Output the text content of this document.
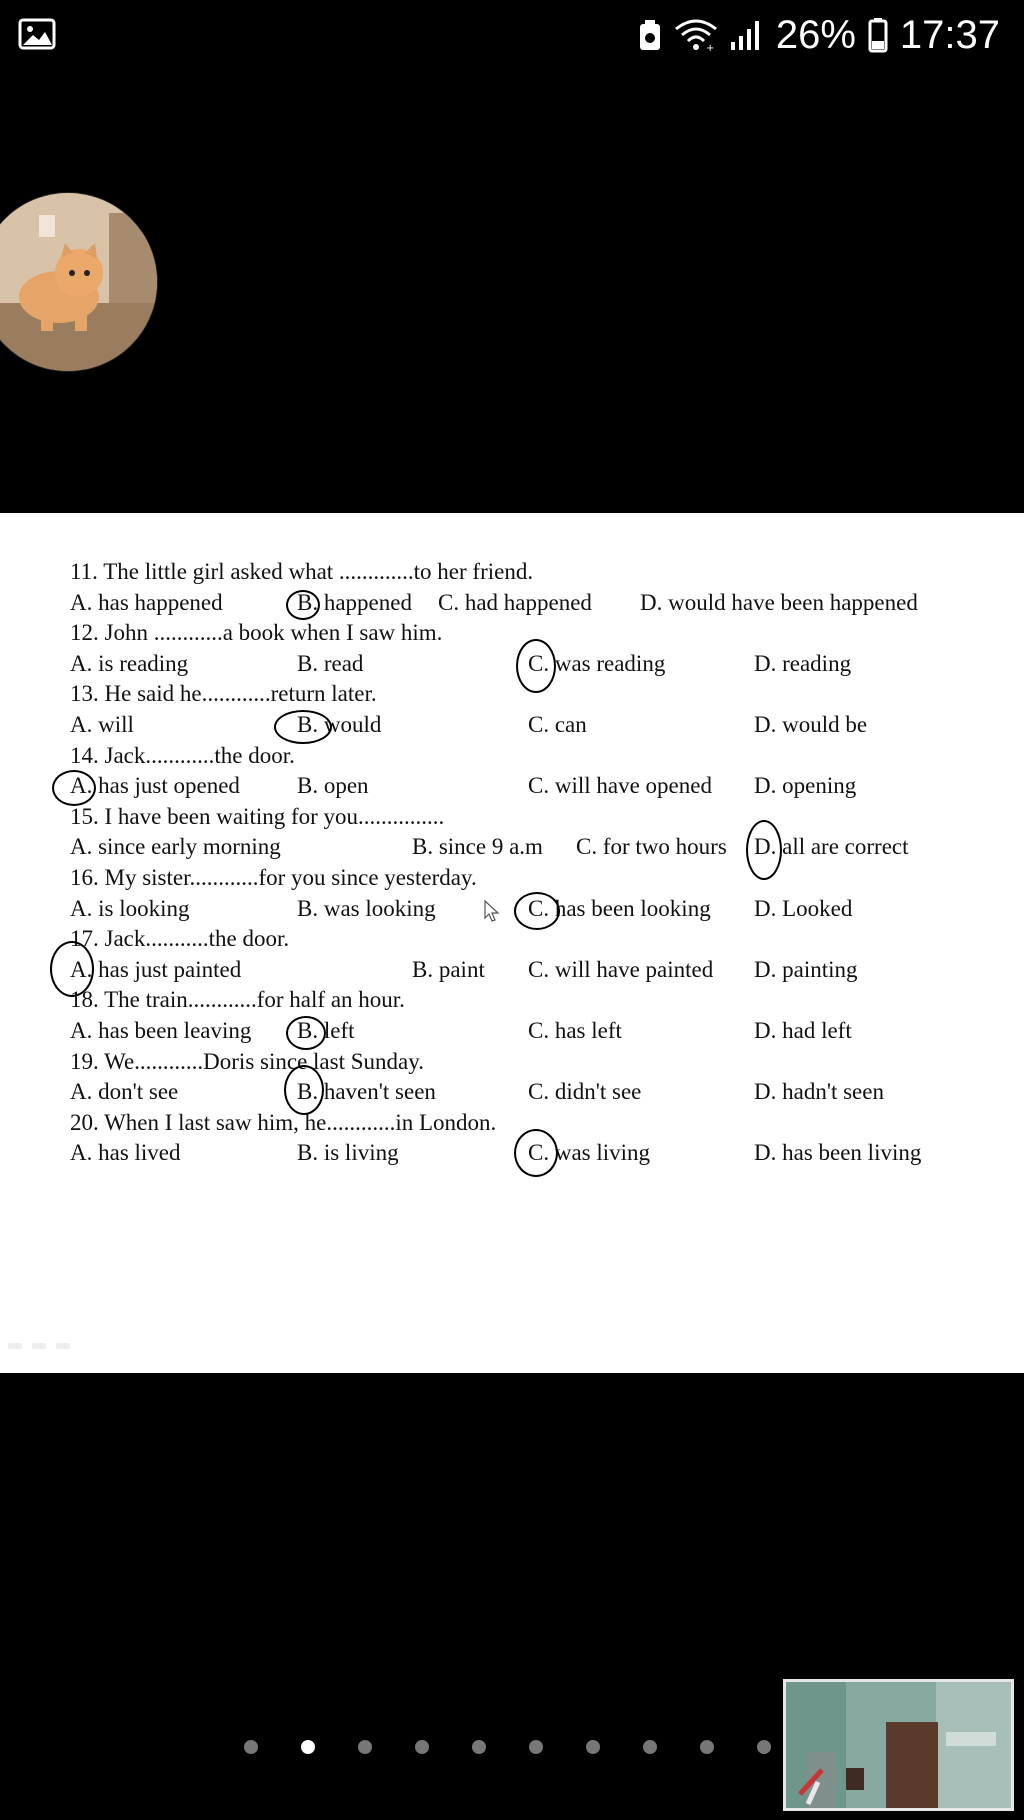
+ 26% 17:37
11. The little girl asked what .............to her friend.
A. has happened	B. happened C. had happened D. would have been happened
12. John ............a book when I saw him.
A. is reading	B. read	C. was reading	D. reading
13. He said he............return later.
A. will	B. would	C. can	D. would be
14. Jack............the door.
A. has just opened B. open	C. will have opened D. opening
15. I have been waiting for you...............
A. since early morning	B. since 9 a.m C. for two hours D. all are correct
16. My sister............for you since yesterday.
A. is looking	B. was looking	C. has been looking D. Looked
17. Jack...........the door.
A. has just painted	B. paint C. will have painted D. painting
18. The train............for half an hour.
A. has been leaving B. left	C. has left	D. had left
19. We............Doris since last Sunday.
A. don't see	B. haven't seen	C. didn't see	D. hadn't seen
20. When I last saw him, he............in London.
A. has lived	B. is living	C. was living	D. has been living
